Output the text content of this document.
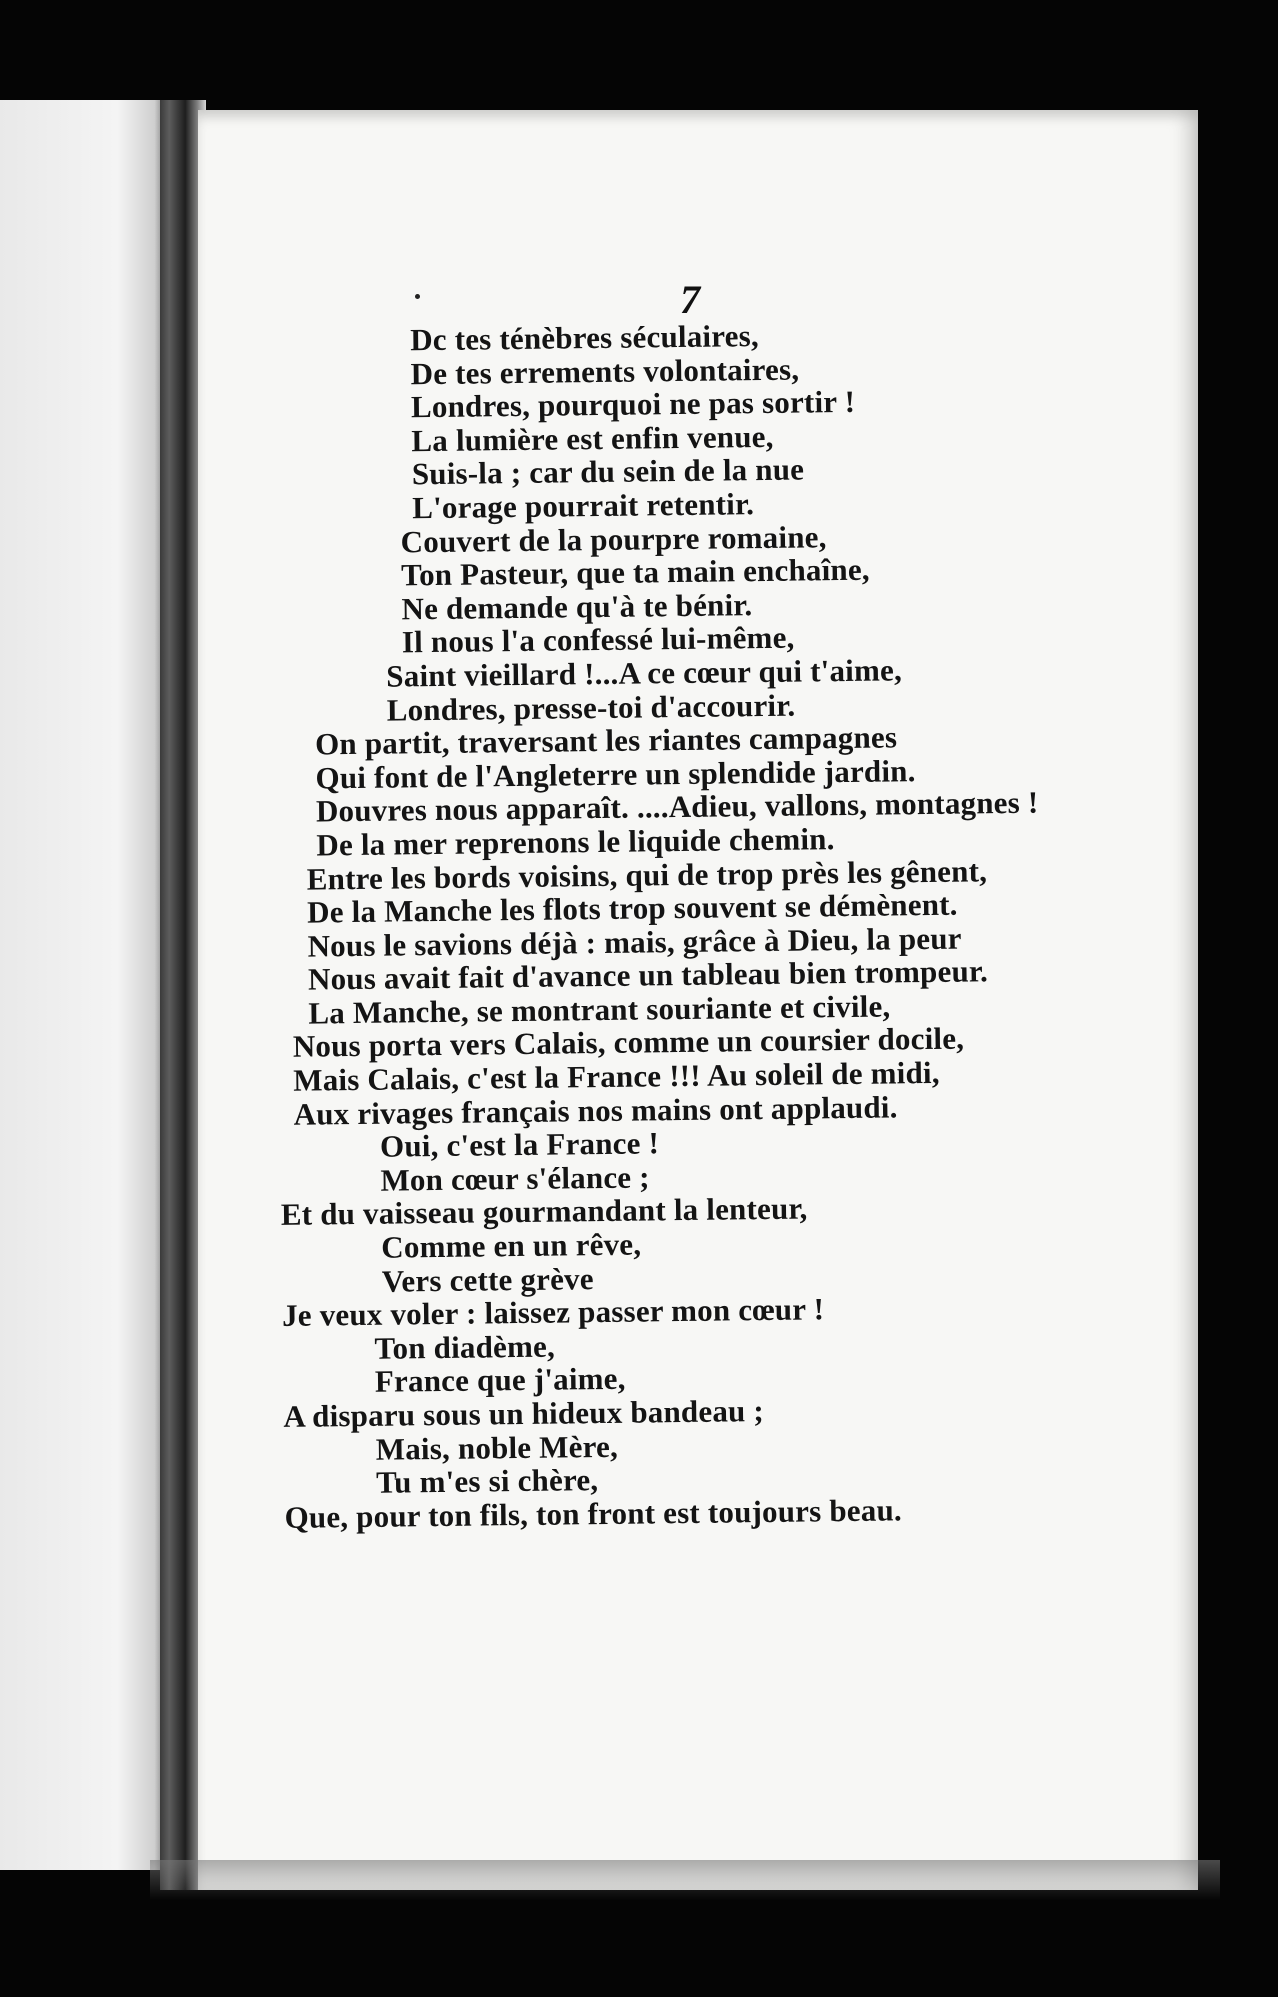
7
Dc tes ténèbres séculaires,
De tes errements volontaires,
Londres, pourquoi ne pas sortir !
La lumière est enfin venue,
Suis-la ; car du sein de la nue
L'orage pourrait retentir.
Couvert de la pourpre romaine,
Ton Pasteur, que ta main enchaîne,
Ne demande qu'à te bénir.
Il nous l'a confessé lui-même,
Saint vieillard !...A ce cœur qui t'aime,
Londres, presse-toi d'accourir.
On partit, traversant les riantes campagnes
Qui font de l'Angleterre un splendide jardin.
Douvres nous apparaît. ....Adieu, vallons, montagnes !
De la mer reprenons le liquide chemin.
Entre les bords voisins, qui de trop près les gênent,
De la Manche les flots trop souvent se démènent.
Nous le savions déjà : mais, grâce à Dieu, la peur
Nous avait fait d'avance un tableau bien trompeur.
La Manche, se montrant souriante et civile,
Nous porta vers Calais, comme un coursier docile,
Mais Calais, c'est la France !!! Au soleil de midi,
Aux rivages français nos mains ont applaudi.
Oui, c'est la France !
Mon cœur s'élance ;
Et du vaisseau gourmandant la lenteur,
Comme en un rêve,
Vers cette grève
Je veux voler : laissez passer mon cœur !
Ton diadème,
France que j'aime,
A disparu sous un hideux bandeau ;
Mais, noble Mère,
Tu m'es si chère,
Que, pour ton fils, ton front est toujours beau.
